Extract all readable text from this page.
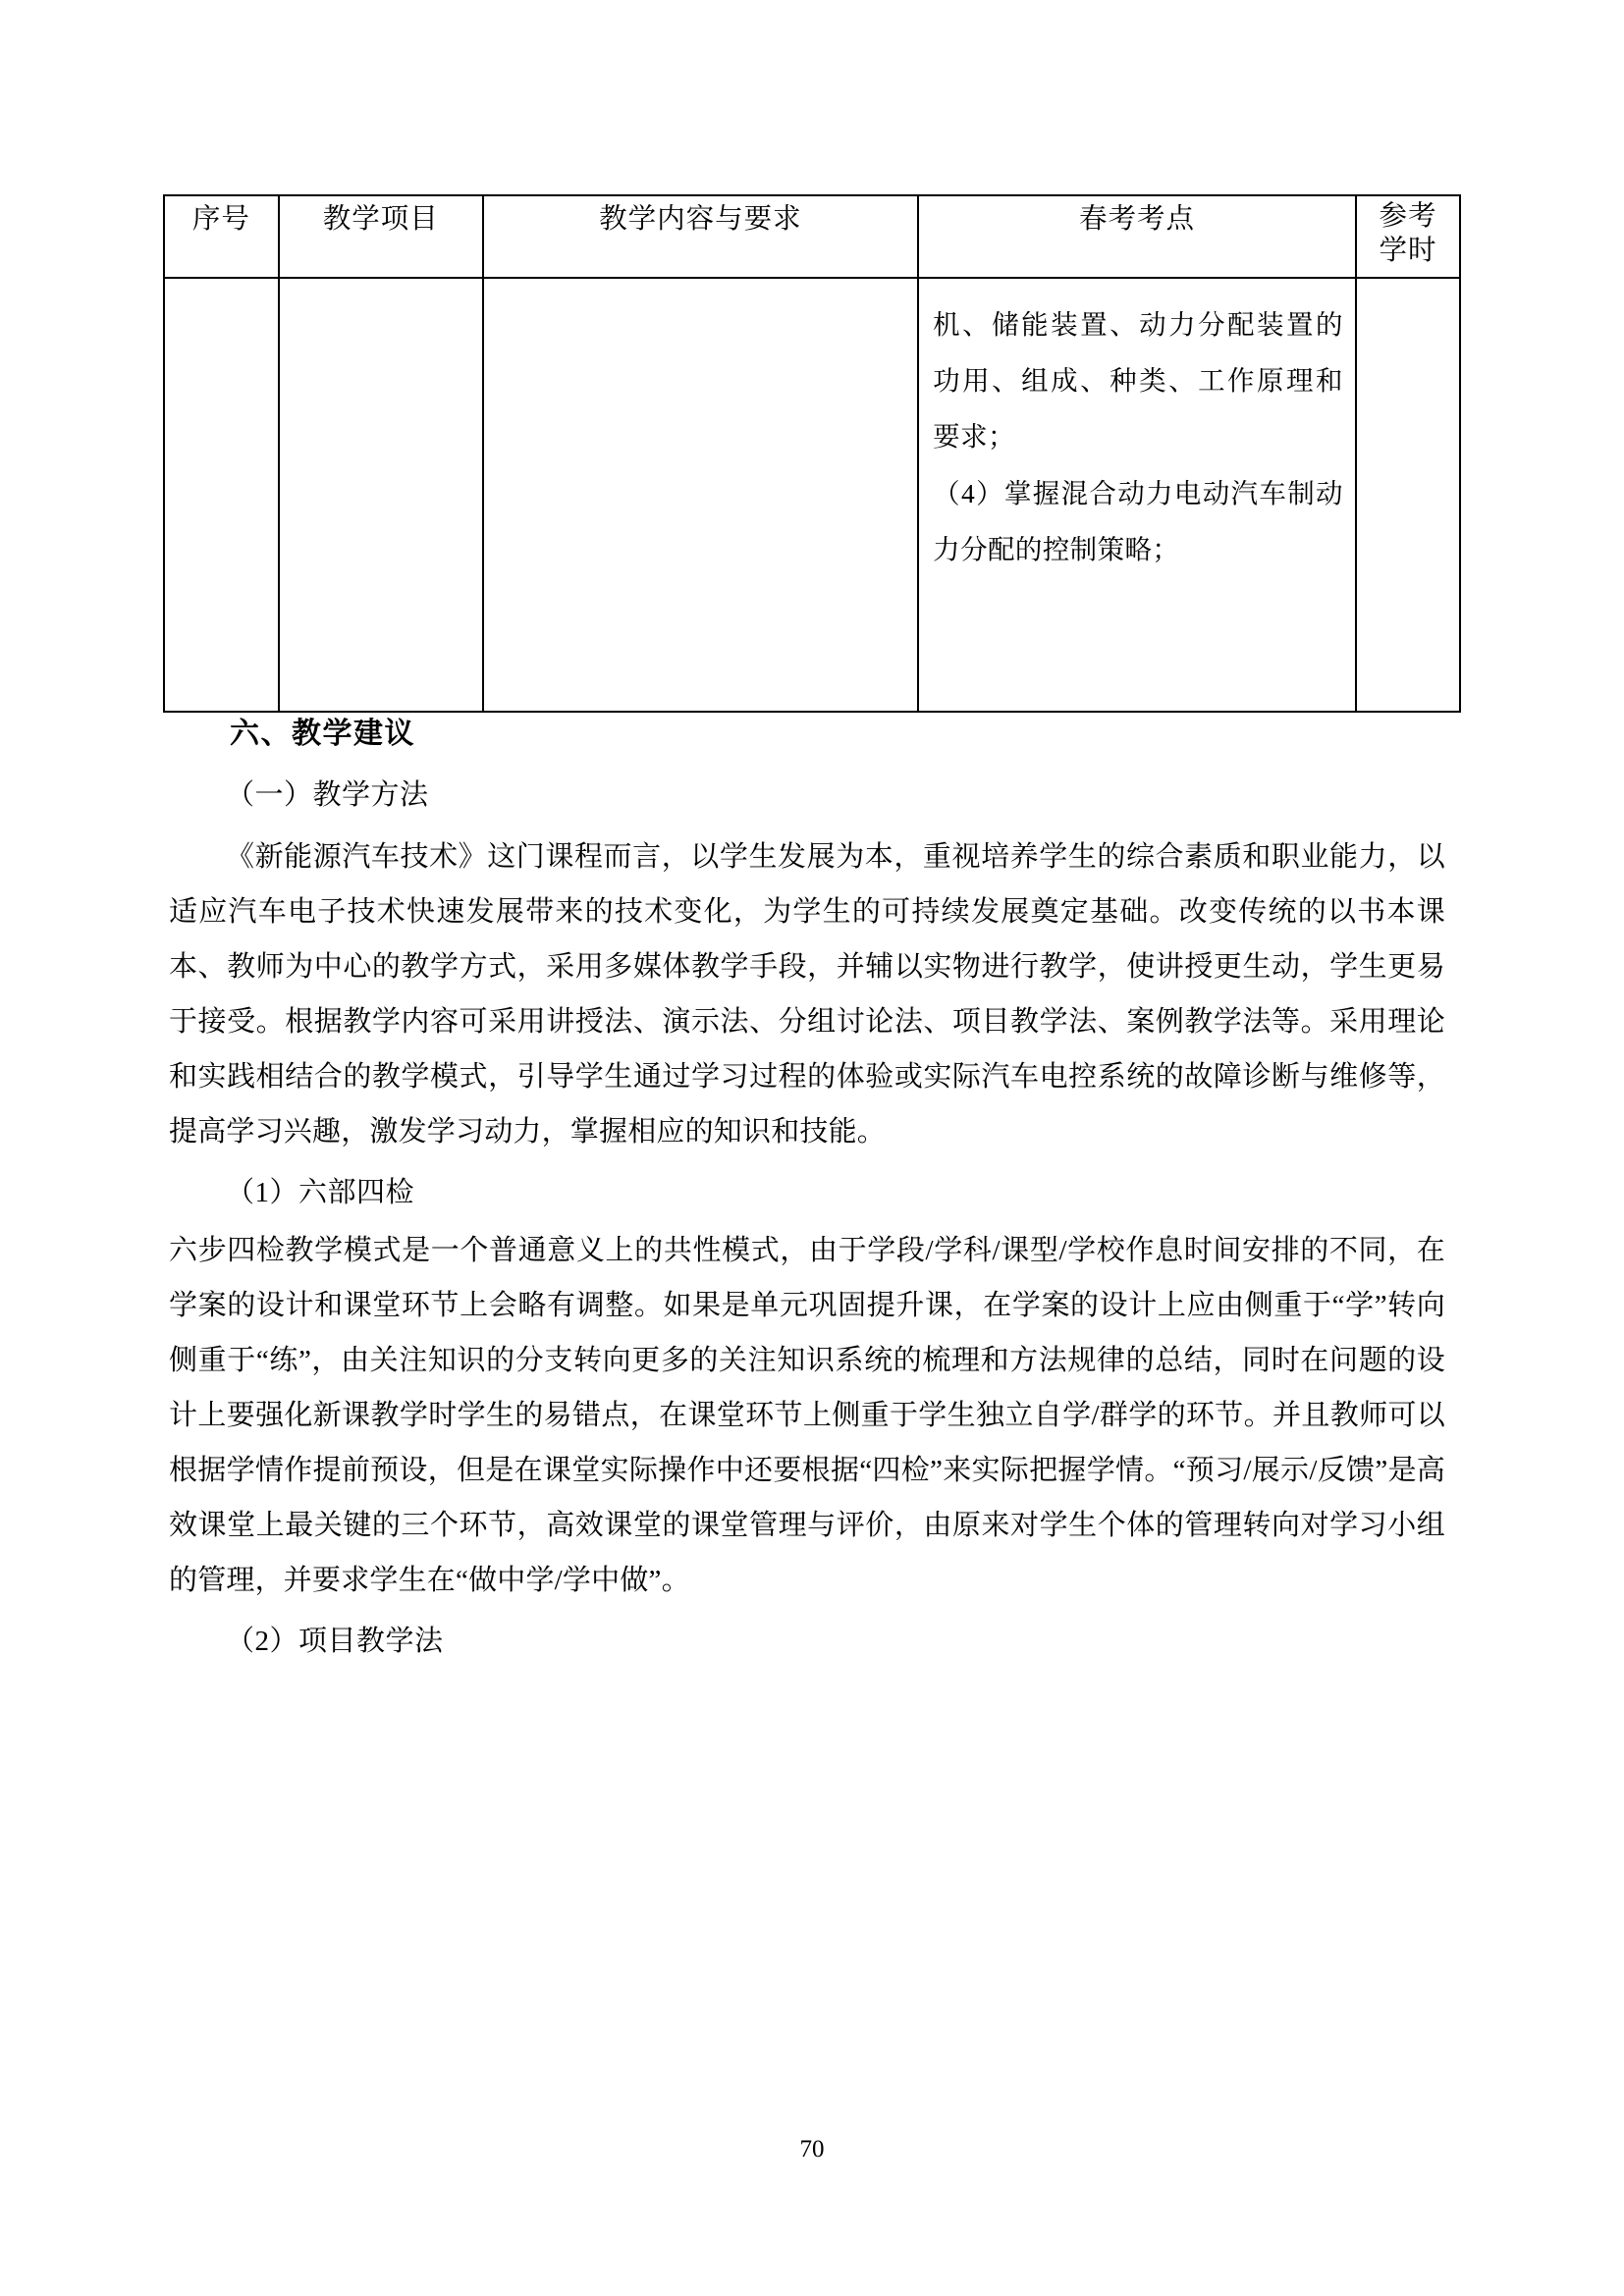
序号	教学项目	教学内容与要求	春考考点	参考
学时

			机、储能装置、动力分配装置的功用、组成、种类、工作原理和要求；

（4）掌握混合动力电动汽车制动力分配的控制策略；	

六、教学建议
（一）教学方法

《新能源汽车技术》这门课程而言，以学生发展为本，重视培养学生的综合素质和职业能力，以适应汽车电子技术快速发展带来的技术变化，为学生的可持续发展奠定基础。改变传统的以书本课本、教师为中心的教学方式，采用多媒体教学手段，并辅以实物进行教学，使讲授更生动，学生更易于接受。根据教学内容可采用讲授法、演示法、分组讨论法、项目教学法、案例教学法等。采用理论和实践相结合的教学模式，引导学生通过学习过程的体验或实际汽车电控系统的故障诊断与维修等，提高学习兴趣，激发学习动力，掌握相应的知识和技能。

（1）六部四检

六步四检教学模式是一个普通意义上的共性模式，由于学段/学科/课型/学校作息时间安排的不同，在学案的设计和课堂环节上会略有调整。如果是单元巩固提升课，在学案的设计上应由侧重于“学”转向侧重于“练”，由关注知识的分支转向更多的关注知识系统的梳理和方法规律的总结，同时在问题的设计上要强化新课教学时学生的易错点，在课堂环节上侧重于学生独立自学/群学的环节。并且教师可以根据学情作提前预设，但是在课堂实际操作中还要根据“四检”来实际把握学情。“预习/展示/反馈”是高效课堂上最关键的三个环节，高效课堂的课堂管理与评价，由原来对学生个体的管理转向对学习小组的管理，并要求学生在“做中学/学中做”。

（2）项目教学法
70
